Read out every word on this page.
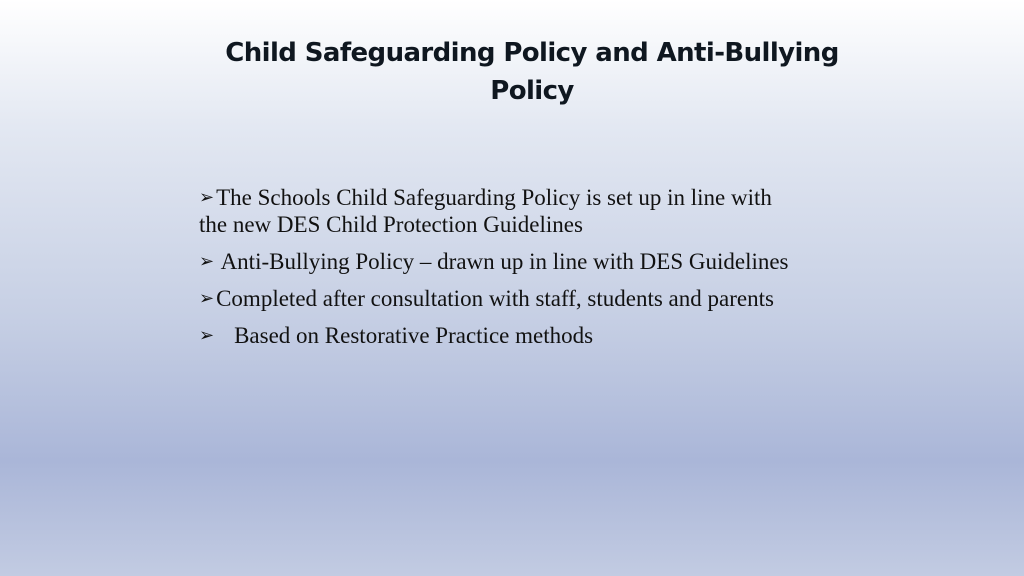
Child Safeguarding Policy and Anti-Bullying
Policy
➢The Schools Child Safeguarding Policy is set up in line with the new DES Child Protection Guidelines
➢ Anti-Bullying Policy – drawn up in line with DES Guidelines
➢Completed after consultation with staff, students and parents
➢ Based on Restorative Practice methods
